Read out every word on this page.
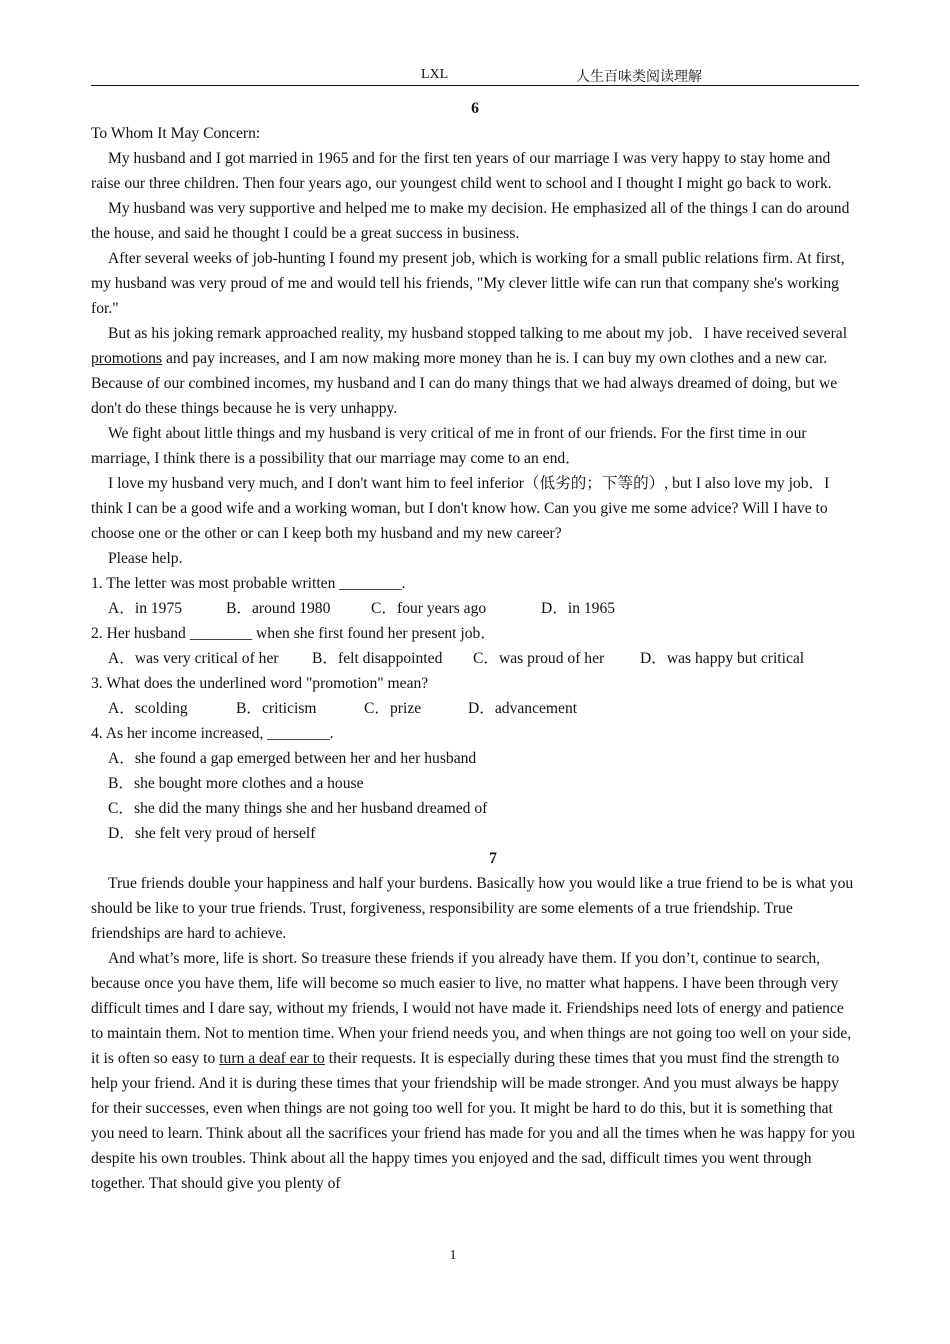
LXL	人生百味类阅读理解
6
To Whom It May Concern:
My husband and I got married in 1965 and for the first ten years of our marriage I was very happy to stay home and raise our three children. Then four years ago, our youngest child went to school and I thought I might go back to work.
My husband was very supportive and helped me to make my decision. He emphasized all of the things I can do around the house, and said he thought I could be a great success in business.
After several weeks of job-hunting I found my present job, which is working for a small public relations firm. At first, my husband was very proud of me and would tell his friends, "My clever little wife can run that company she's working for."
But as his joking remark approached reality, my husband stopped talking to me about my job．I have received several promotions and pay increases, and I am now making more money than he is. I can buy my own clothes and a new car. Because of our combined incomes, my husband and I can do many things that we had always dreamed of doing, but we don't do these things because he is very unhappy.
We fight about little things and my husband is very critical of me in front of our friends. For the first time in our marriage, I think there is a possibility that our marriage may come to an end．
I love my husband very much, and I don't want him to feel inferior（低劣的；下等的）, but I also love my job．I think I can be a good wife and a working woman, but I don't know how. Can you give me some advice? Will I have to choose one or the other or can I keep both my husband and my new career?
Please help.
1. The letter was most probable written ________.
A．in 1975	B．around 1980	C．four years ago	D．in 1965
2. Her husband ________ when she first found her present job．
A．was very critical of her B．felt disappointed C．was proud of her D．was happy but critical
3. What does the underlined word "promotion" mean?
A．scolding	B．criticism	C．prize	D．advancement
4. As her income increased, ________.
A．she found a gap emerged between her and her husband
B．she bought more clothes and a house
C．she did the many things she and her husband dreamed of
D．she felt very proud of herself
7
True friends double your happiness and half your burdens. Basically how you would like a true friend to be is what you should be like to your true friends. Trust, forgiveness, responsibility are some elements of a true friendship. True friendships are hard to achieve.
And what’s more, life is short. So treasure these friends if you already have them. If you don’t, continue to search, because once you have them, life will become so much easier to live, no matter what happens. I have been through very difficult times and I dare say, without my friends, I would not have made it. Friendships need lots of energy and patience to maintain them. Not to mention time. When your friend needs you, and when things are not going too well on your side, it is often so easy to turn a deaf ear to their requests. It is especially during these times that you must find the strength to help your friend. And it is during these times that your friendship will be made stronger. And you must always be happy for their successes, even when things are not going too well for you. It might be hard to do this, but it is something that you need to learn. Think about all the sacrifices your friend has made for you and all the times when he was happy for you despite his own troubles. Think about all the happy times you enjoyed and the sad, difficult times you went through together. That should give you plenty of
1
